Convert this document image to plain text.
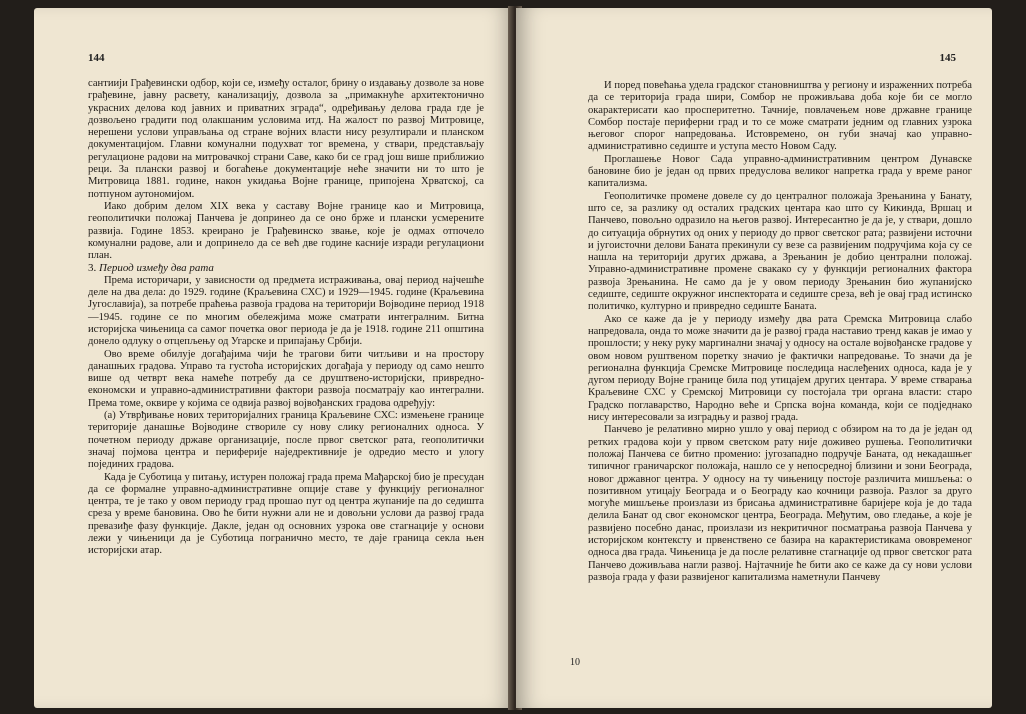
144

сантиији Грађевински одбор, који се, између осталог, брину о издавању дозволе за нове грађевине, јавну расвету, канализацију, дозвола за „примакнуће архитектонично украсних делова код јавних и приватних зграда“, одређивању делова града где је дозвољено градити под олакшаним условима итд. На жалост по развој Митровице, нерешени услови управљања од стране војних власти нису резултирали и планском документацијом. Главни комунални подухват тог времена, у ствари, представљају регулационе радови на митровачкој страни Саве, како би се град још више приближио реци. За плански развој и богаћење документације неће значити ни то што је Митровица 1881. године, након укидања Војне границе, припојена Хрватској, са потпуном аутономијом.

Иако добрим делом XIX века у саставу Војне границе као и Митровица, геополитички положај Панчева је допринео да се оно брже и плански усмерените развија. Године 1853. креирано је Грађевинско звање, које је одмах отпочело комунални радове, али и допринело да се већ две године касније изради регулациони план.

3. Период између два рата

Према историчари, у зависности од предмета истраживања, овај период најчешће деле на два дела: до 1929. године (Краљевина СХС) и 1929—1945. године (Краљевина Југославија), за потребе праћења развоја градова на територији Војводине период 1918—1945. године се по многим обележјима може сматрати интегралним. Битна историјска чињеница са самог почетка овог периода је да је 1918. године 211 општина донело одлуку о отцепљењу од Угарске и припајању Србији.

Ово време обилује догађајима чији ће трагови бити читљиви и на простору данашњих градова. Управо та густоћа историјских догађаја у периоду од само нешто више од четврт века намеће потребу да се друштвено-историјски, привредно-економски и управно-административни фактори развоја посматрају као интегрални. Према томе, оквире у којима се одвија развој војвођанских градова одређују:

(а) Утврђивање нових територијалних граница Краљевине СХС: измењене границе територије данашње Војводине створиле су нову слику регионалних односа. У почетном периоду државе организације, после првог светског рата, геополитички значај појмова центра и периферије наједрективније је одредио место и улогу појединих градова.

Када је Суботица у питању, истурен положај града према Мађарској био је пресудан да се формалне управно-административне опције ставе у функцију регионалног центра, те је тако у овом периоду град прошао пут од центра жупаније па до седишта среза у време бановина. Ово ће бити нужни али не и довољни услови да развој града превазиђе фазу функције. Дакле, један од основних узрока ове стагнације у основи лежи у чињеници да је Суботица погранично место, те даје граница секла њен историјски атар.

145

И поред повећања удела градског становништва у региону и израженних потреба да се територија града шири, Сомбор не проживљава доба које би се могло окарактерисати као просперитетно. Тачније, повлачењем нове државне границе Сомбор постаје периферни град и то се може сматрати једним од главних узрока његовог спорог напредовања. Истовремено, он губи значај као управно-административно седиште и уступа место Новом Саду.

Проглашење Новог Сада управно-административним центром Дунавске бановине био је један од првих предуслова великог напретка града у време раног капитализма.

Геополитичке промене довеле су до централног положаја Зрењанина у Банату, што се, за разлику од осталих градских центара као што су Кикинда, Вршац и Панчево, повољно одразило на његов развој. Интересантно је да је, у ствари, дошло до ситуација обрнутих од оних у периоду до првог светског рата; развијени источни и југоисточни делови Баната прекинули су везе са развијеним подручјима која су се нашла на територији других држава, а Зрењанин је добио централни положај. Управно-административне промене свакако су у функцији регионалних фактора развоја Зрењанина. Не само да је у овом периоду Зрењанин био жупанијско седиште, седиште окружног инспектората и седиште среза, већ је овај град истинско политичко, културно и привредно седиште Баната.

Ако се каже да је у периоду између два рата Сремска Митровица слабо напредовала, онда то може значити да је развој града наставио тренд какав је имао у прошлости; у неку руку маргинални значај у односу на остале војвођанске градове у овом новом руштвеном поретку значио је фактички напредовање. То значи да је регионална функција Сремске Митровице последица наслеђених односа, када је у дугом периоду Војне границе била под утицајем других центара. У време стварања Краљевине СХС у Сремској Митровици су постојала три органа власти: старо Градско поглаварство, Народно веће и Српска војна команда, који се подједнако нису интересовали за изградњу и развој града.

Панчево је релативно мирно ушло у овај период с обзиром на то да је један од ретких градова који у првом светском рату није доживео рушења. Геополитички положај Панчева се битно променио: југозападно подручје Баната, од некадашњег типичног граничарског положаја, нашло се у непосредној близини и зони Београда, новог државног центра. У односу на ту чињеницу постоје различита мишљења: о позитивном утицају Београда и о Београду као кочници развоја. Разлог за друго могуће мишљење произлази из брисања административне баријере која је до тада делила Банат од свог економског центра, Београда. Међутим, ово гледање, а које је развијено посебно данас, произлази из некритичног посматрања развоја Панчева у историјском контексту и првенствено се базира на карактеристикама ововременог односа два града. Чињеница је да после релативне стагнације од првог светског рата Панчево доживљава нагли развој. Најтачније ће бити ако се каже да су нови услови развоја града у фази развијеног капитализма наметнули Панчеву

10
